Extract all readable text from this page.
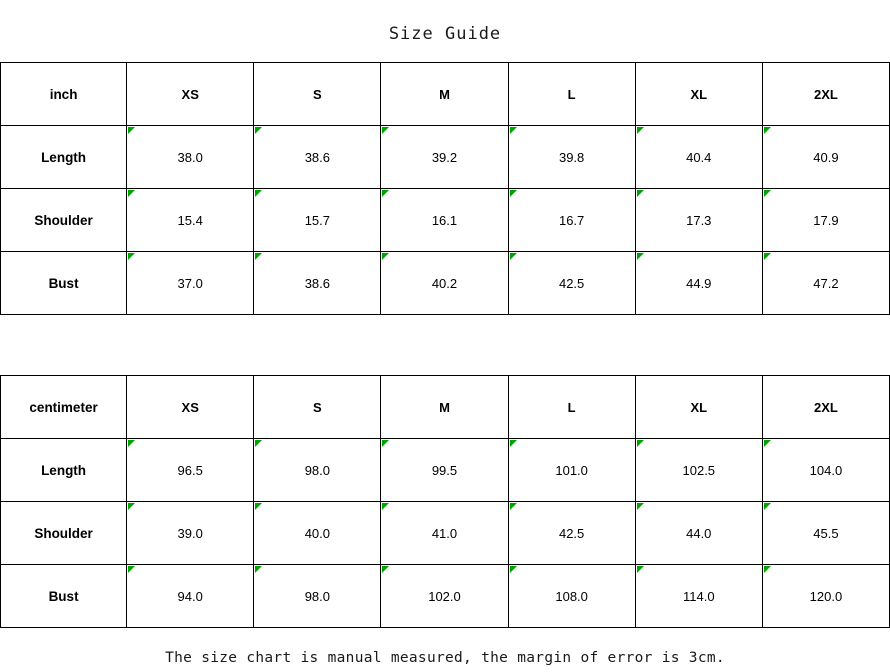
Size Guide
inch	XS	S	M	L	XL	2XL
Length	38.0	38.6	39.2	39.8	40.4	40.9
Shoulder	15.4	15.7	16.1	16.7	17.3	17.9
Bust	37.0	38.6	40.2	42.5	44.9	47.2
centimeter	XS	S	M	L	XL	2XL
Length	96.5	98.0	99.5	101.0	102.5	104.0
Shoulder	39.0	40.0	41.0	42.5	44.0	45.5
Bust	94.0	98.0	102.0	108.0	114.0	120.0
The size chart is manual measured, the margin of error is 3cm.
